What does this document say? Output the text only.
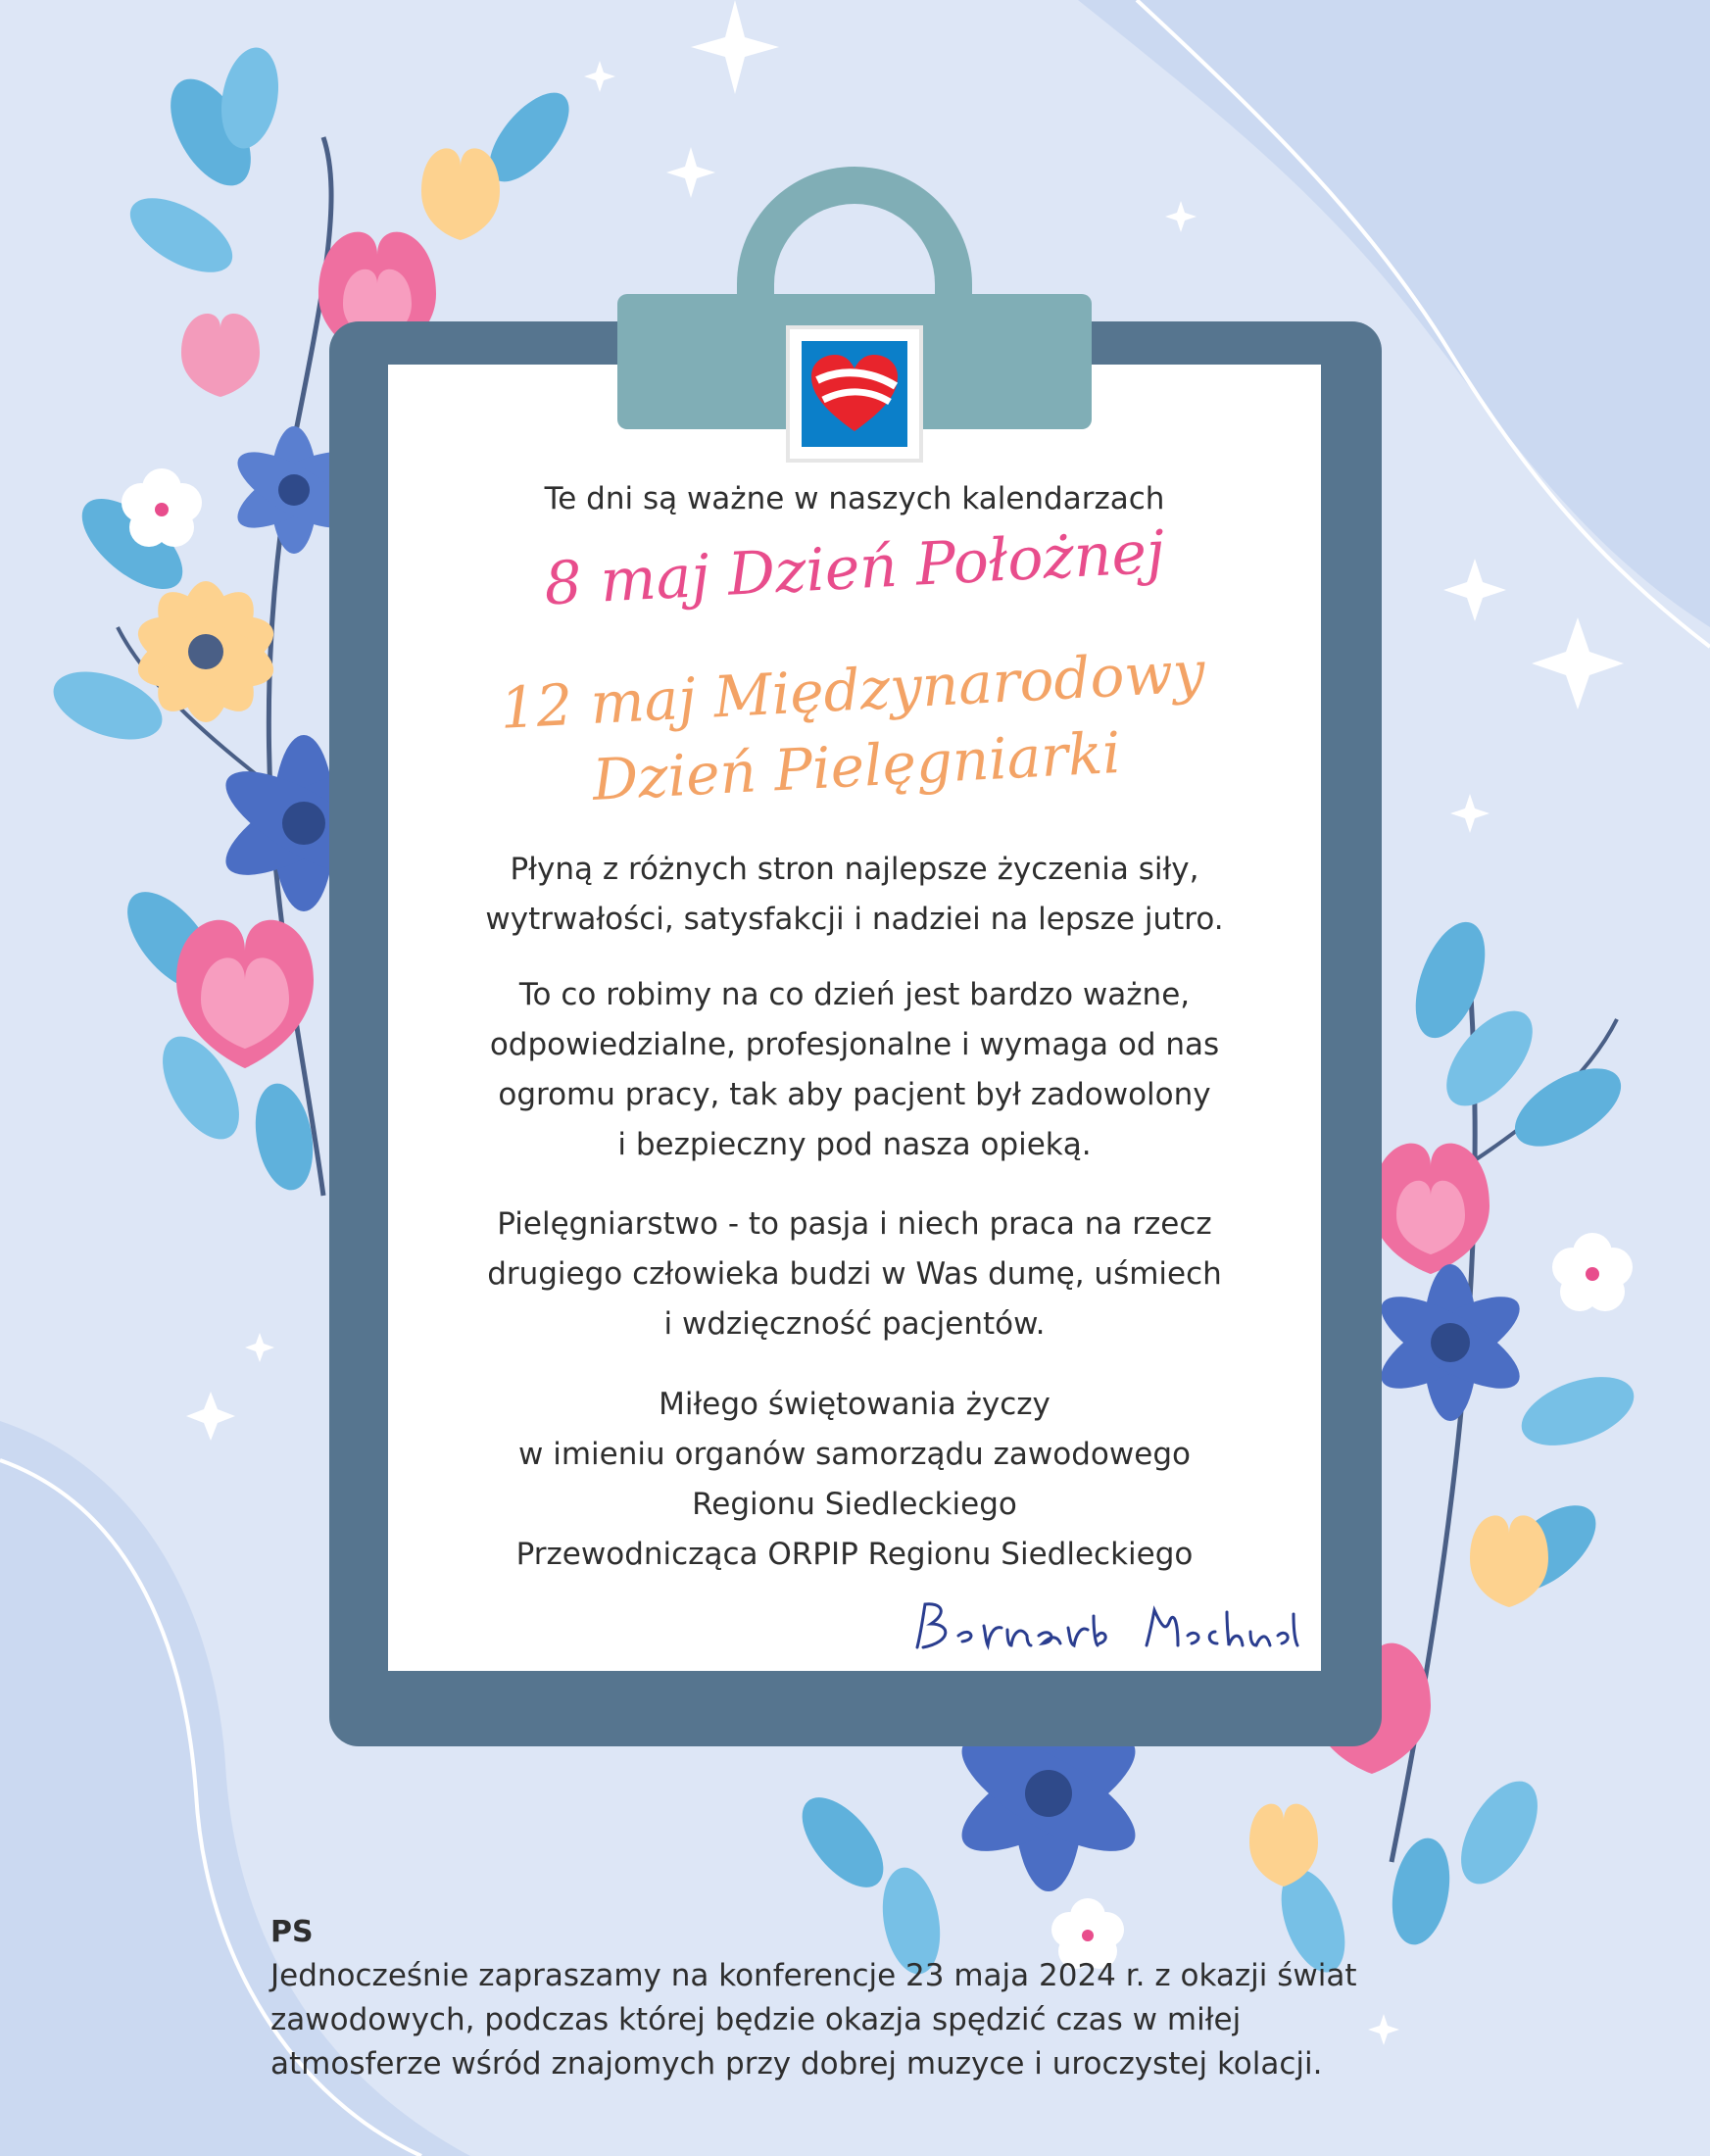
Te dni są ważne w naszych kalendarzach

8 maj Dzień Położnej

12 maj Międzynarodowy
Dzień Pielęgniarki
Płyną z różnych stron najlepsze życzenia siły,
wytrwałości, satysfakcji i nadziei na lepsze jutro.
To co robimy na co dzień jest bardzo ważne,
odpowiedzialne, profesjonalne i wymaga od nas
ogromu pracy, tak aby pacjent był zadowolony
i bezpieczny pod nasza opieką.
Pielęgniarstwo - to pasja i niech praca na rzecz
drugiego człowieka budzi w Was dumę, uśmiech
i wdzięczność pacjentów.
Miłego świętowania życzy
w imieniu organów samorządu zawodowego
Regionu Siedleckiego
Przewodnicząca ORPIP Regionu Siedleckiego
PS
Jednocześnie zapraszamy na konferencje 23 maja 2024 r. z okazji świat
zawodowych, podczas której będzie okazja spędzić czas w miłej
atmosferze wśród znajomych przy dobrej muzyce i uroczystej kolacji.
